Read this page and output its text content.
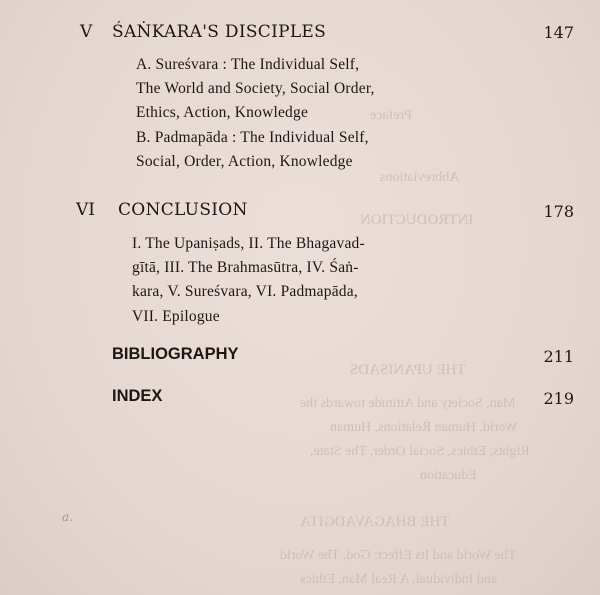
Preface
Abbreviations
INTRODUCTION
THE UPANISADS
Man, Society and Attitude towards the
World, Human Relations, Human
Rights, Ethics, Social Order, The State,
Education
THE BHAGAVADGITA
The World and Its Effect: God, The World
and Individual, A Real Man, Ethics
V ŚAṄKARA'S DISCIPLES	147
A. Sureśvara : The Individual Self,
The World and Society, Social Order,
Ethics, Action, Knowledge
B. Padmapāda : The Individual Self,
Social, Order, Action, Knowledge
VI CONCLUSION	178
I. The Upaniṣads, II. The Bhagavad-
gītā, III. The Brahmasūtra, IV. Śaṅ-
kara, V. Sureśvara, VI. Padmapāda,
VII. Epilogue
BIBLIOGRAPHY	211
INDEX	219
a.
